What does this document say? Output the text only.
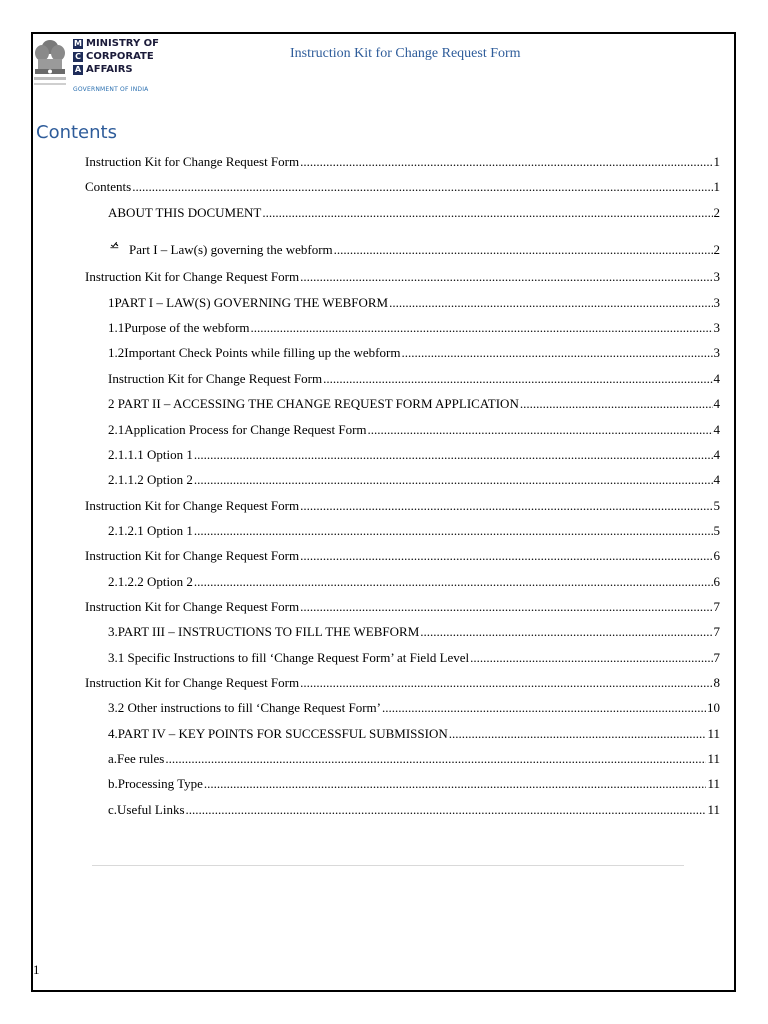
M MINISTRY OF
C CORPORATE
A AFFAIRS
GOVERNMENT OF INDIA
Instruction Kit for Change Request Form
Contents
Instruction Kit for Change Request Form .....	1
Contents .....	1
ABOUT THIS DOCUMENT .....	2
Part I – Law(s) governing the webform .....	2
Instruction Kit for Change Request Form .....	3
1PART I – LAW(S) GOVERNING THE WEBFORM .....	3
1.1Purpose of the webform .....	3
1.2Important Check Points while filling up the webform .....	3
Instruction Kit for Change Request Form .....	4
2 PART II – ACCESSING THE CHANGE REQUEST FORM APPLICATION .....	4
2.1Application Process for Change Request Form .....	4
2.1.1.1 Option 1 .....	4
2.1.1.2 Option 2 .....	4
Instruction Kit for Change Request Form .....	5
2.1.2.1 Option 1 .....	5
Instruction Kit for Change Request Form .....	6
2.1.2.2 Option 2 .....	6
Instruction Kit for Change Request Form .....	7
3.PART III – INSTRUCTIONS TO FILL THE WEBFORM .....	7
3.1 Specific Instructions to fill ‘Change Request Form’ at Field Level .....	7
Instruction Kit for Change Request Form .....	8
3.2 Other instructions to fill ‘Change Request Form’ .....	10
4.PART IV – KEY POINTS FOR SUCCESSFUL SUBMISSION .....	11
a.Fee rules .....	11
b.Processing Type .....	11
c.Useful Links .....	11
1
